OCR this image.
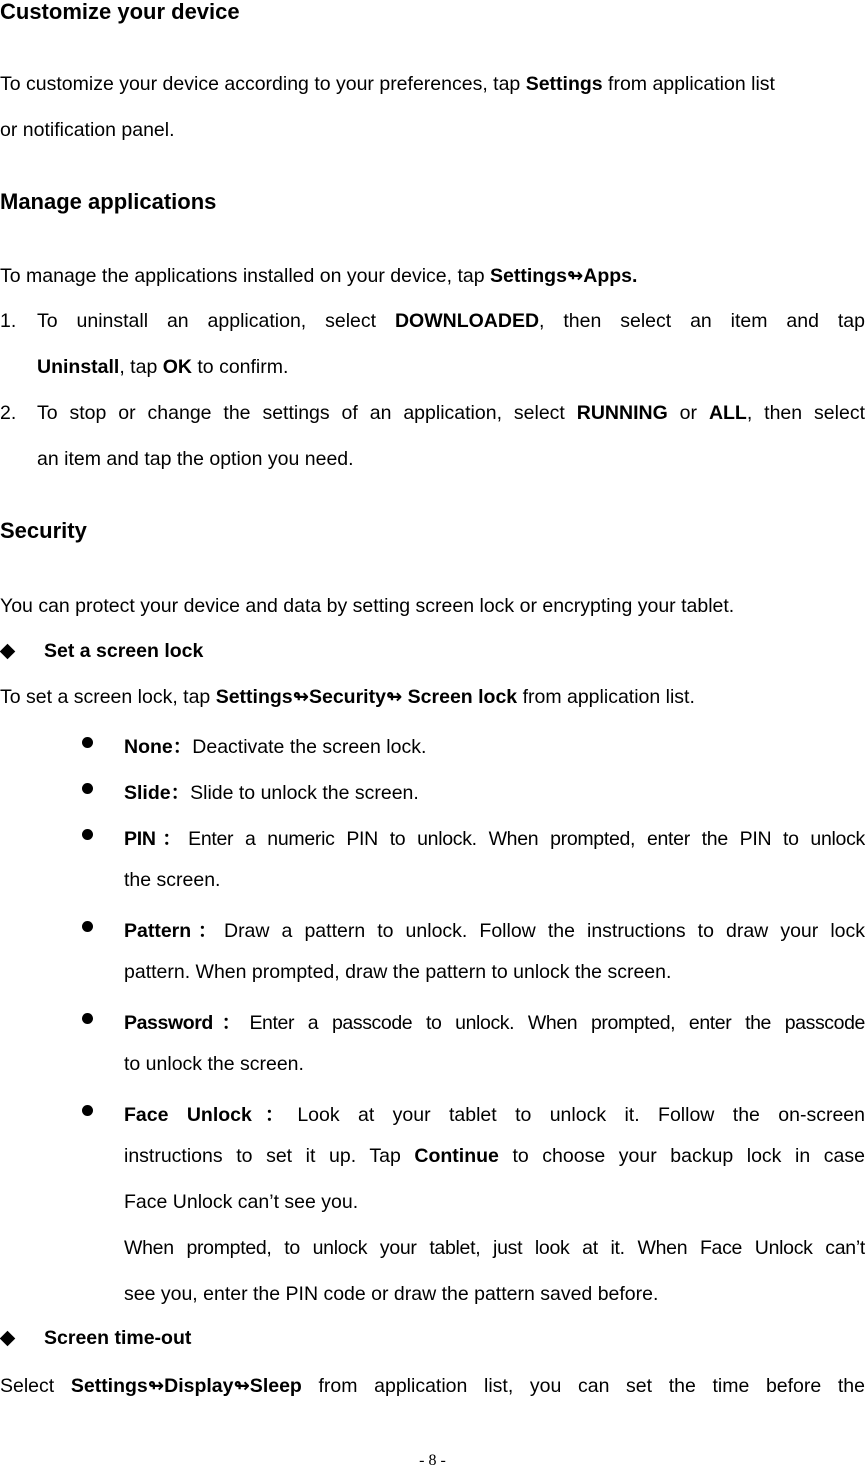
Customize your device
To customize your device according to your preferences, tap Settings from application list
or notification panel.
Manage applications
To manage the applications installed on your device, tap Settings↬Apps.
1. To uninstall an application, select DOWNLOADED, then select an item and tap
Uninstall, tap OK to confirm.
2. To stop or change the settings of an application, select RUNNING or ALL, then select
an item and tap the option you need.
Security
You can protect your device and data by setting screen lock or encrypting your tablet.
Set a screen lock
To set a screen lock, tap Settings↬Security↬ Screen lock from application list.
None：Deactivate the screen lock.
Slide：Slide to unlock the screen.
PIN：Enter a numeric PIN to unlock. When prompted, enter the PIN to unlock
the screen.
Pattern：Draw a pattern to unlock. Follow the instructions to draw your lock
pattern. When prompted, draw the pattern to unlock the screen.
Password：Enter a passcode to unlock. When prompted, enter the passcode
to unlock the screen.
Face Unlock：Look at your tablet to unlock it. Follow the on-screen
instructions to set it up. Tap Continue to choose your backup lock in case
Face Unlock can’t see you.
When prompted, to unlock your tablet, just look at it. When Face Unlock can’t
see you, enter the PIN code or draw the pattern saved before.
Screen time-out
Select Settings↬Display↬Sleep from application list, you can set the time before the
- 8 -
